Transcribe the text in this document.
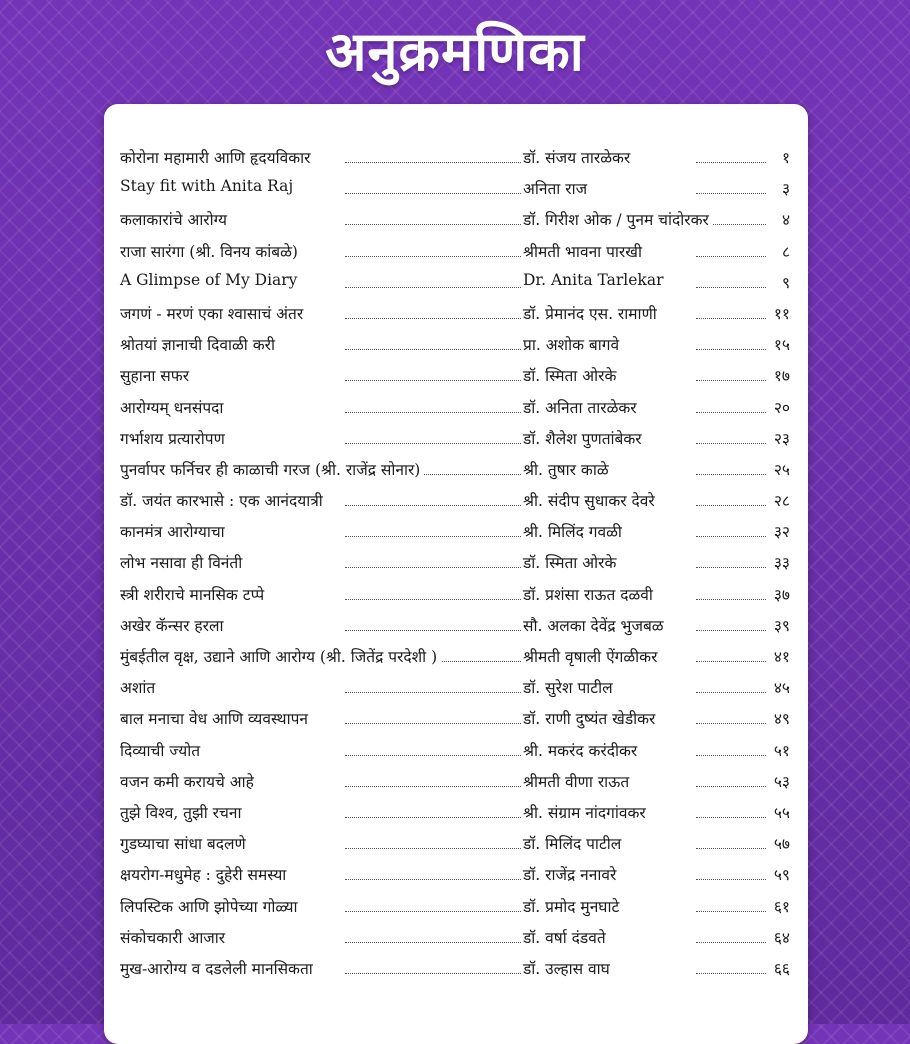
अनुक्रमणिका
कोरोना महामारी आणि हृदयविकार	डॉ. संजय तारळेकर	१
Stay fit with Anita Raj	अनिता राज	३
कलाकारांचे आरोग्य	डॉ. गिरीश ओक / पुनम चांदोरकर	४
राजा सारंगा (श्री. विनय कांबळे)	श्रीमती भावना पारखी	८
A Glimpse of My Diary	Dr. Anita Tarlekar	९
जगणं - मरणं एका श्वासाचं अंतर	डॉ. प्रेमानंद एस. रामाणी	११
श्रोतयां ज्ञानाची दिवाळी करी	प्रा. अशोक बागवे	१५
सुहाना सफर	डॉ. स्मिता ओरके	१७
आरोग्यम् धनसंपदा	डॉ. अनिता तारळेकर	२०
गर्भाशय प्रत्यारोपण	डॉ. शैलेश पुणतांबेकर	२३
पुनर्वापर फर्निचर ही काळाची गरज (श्री. राजेंद्र सोनार)	श्री. तुषार काळे	२५
डॉ. जयंत कारभासे : एक आनंदयात्री	श्री. संदीप सुधाकर देवरे	२८
कानमंत्र आरोग्याचा	श्री. मिलिंद गवळी	३२
लोभ नसावा ही विनंती	डॉ. स्मिता ओरके	३३
स्त्री शरीराचे मानसिक टप्पे	डॉ. प्रशंसा राऊत दळवी	३७
अखेर कॅन्सर हरला	सौ. अलका देवेंद्र भुजबळ	३९
मुंबईतील वृक्ष, उद्याने आणि आरोग्य (श्री. जितेंद्र परदेशी )	श्रीमती वृषाली ऐंगळीकर	४१
अशांत	डॉ. सुरेश पाटील	४५
बाल मनाचा वेध आणि व्यवस्थापन	डॉ. राणी दुष्यंत खेडीकर	४९
दिव्याची ज्योत	श्री. मकरंद करंदीकर	५१
वजन कमी करायचे आहे	श्रीमती वीणा राऊत	५३
तुझे विश्व, तुझी रचना	श्री. संग्राम नांदगांवकर	५५
गुडघ्याचा सांधा बदलणे	डॉ. मिलिंद पाटील	५७
क्षयरोग-मधुमेह : दुहेरी समस्या	डॉ. राजेंद्र ननावरे	५९
लिपस्टिक आणि झोपेच्या गोळ्या	डॉ. प्रमोद मुनघाटे	६१
संकोचकारी आजार	डॉ. वर्षा दंडवते	६४
मुख-आरोग्य व दडलेली मानसिकता	डॉ. उल्हास वाघ	६६
